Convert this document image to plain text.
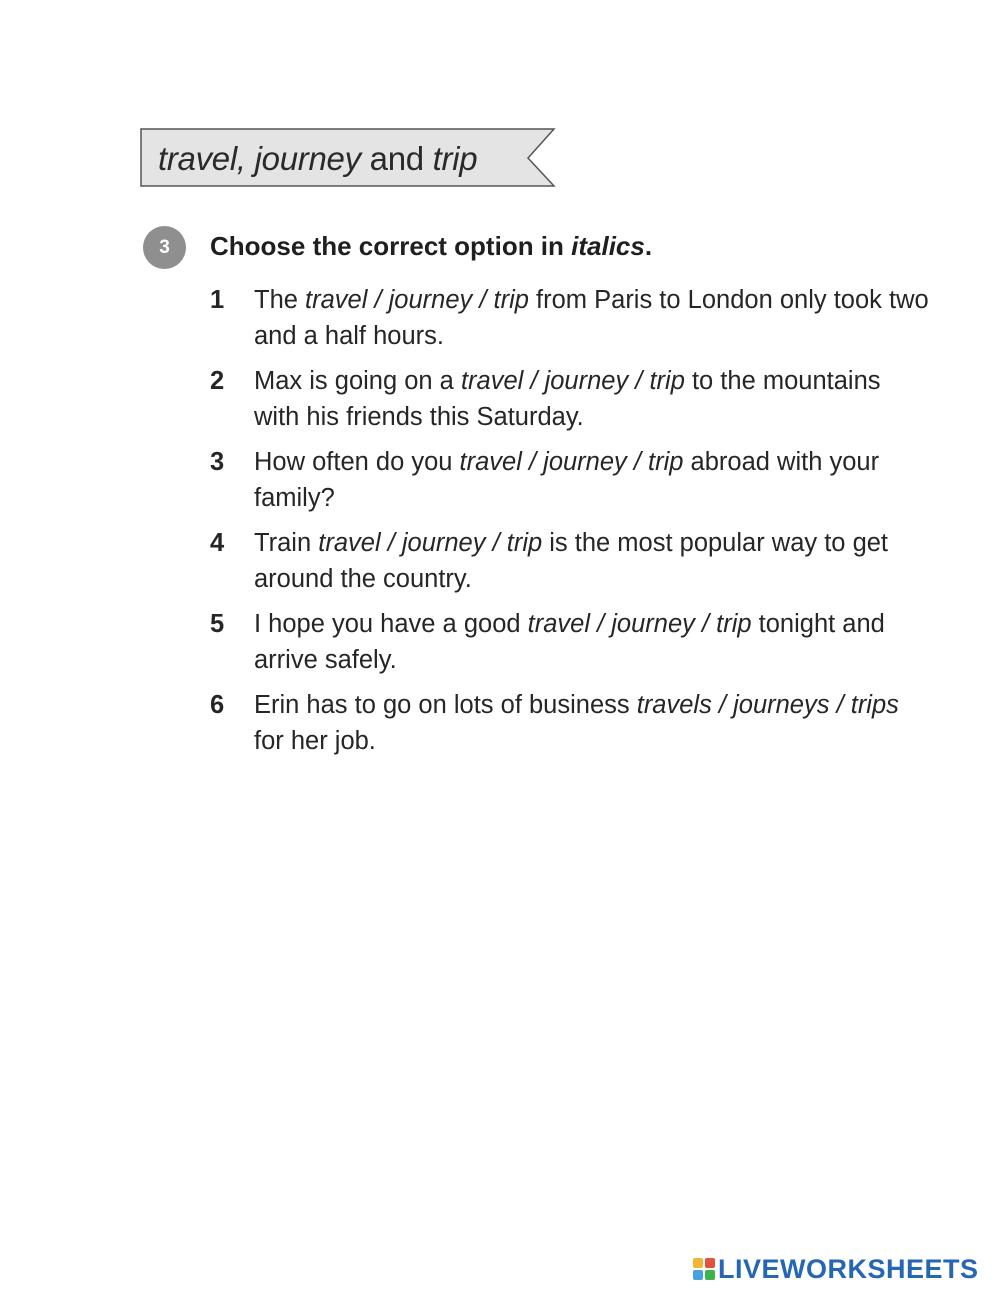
travel, journey and trip
3	Choose the correct option in italics.
1	The travel / journey / trip from Paris to London only took two and a half hours.
2	Max is going on a travel / journey / trip to the mountains with his friends this Saturday.
3	How often do you travel / journey / trip abroad with your family?
4	Train travel / journey / trip is the most popular way to get around the country.
5	I hope you have a good travel / journey / trip tonight and arrive safely.
6	Erin has to go on lots of business travels / journeys / trips for her job.
LIVEWORKSHEETS
